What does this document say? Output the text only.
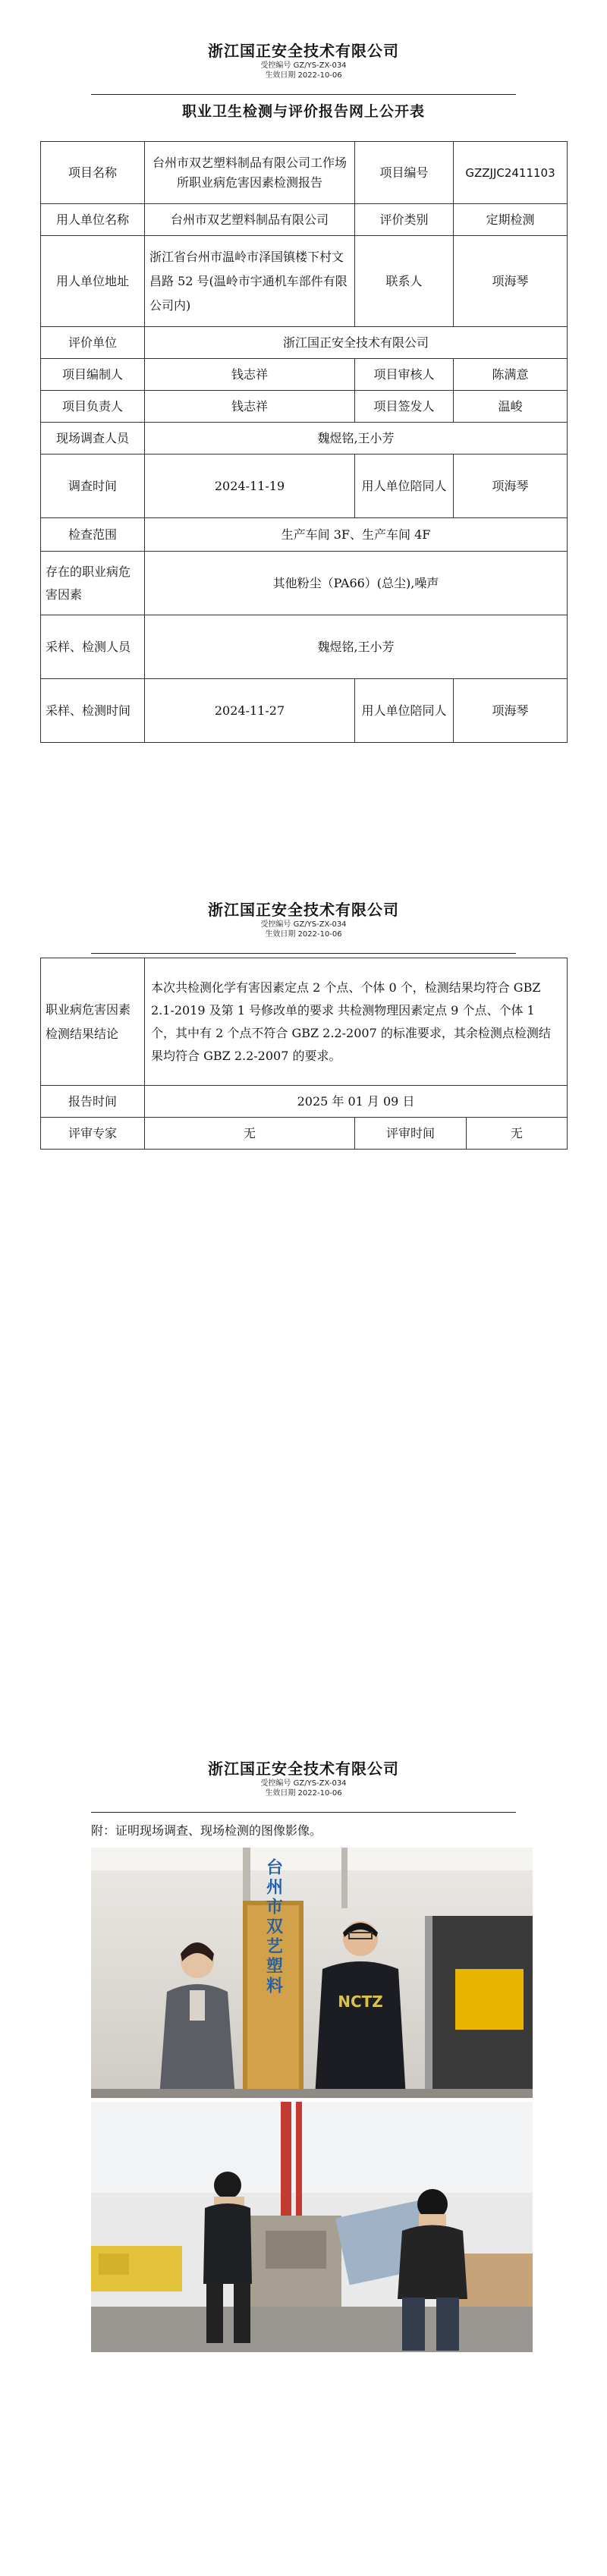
浙江国正安全技术有限公司
受控编号 GZ/YS-ZX-034
生效日期 2022-10-06
职业卫生检测与评价报告网上公开表
项目名称	台州市双艺塑料制品有限公司工作场所职业病危害因素检测报告	项目编号	GZZJJC2411103
用人单位名称	台州市双艺塑料制品有限公司	评价类别	定期检测
用人单位地址	浙江省台州市温岭市泽国镇楼下村文昌路 52 号(温岭市宇通机车部件有限公司内)	联系人	项海琴
评价单位	浙江国正安全技术有限公司		
项目编制人	钱志祥	项目审核人	陈满意
项目负责人	钱志祥	项目签发人	温峻
现场调查人员	魏煜铭,王小芳		
调查时间	2024-11-19	用人单位陪同人	项海琴
检查范围	生产车间 3F、生产车间 4F		
存在的职业病危害因素	其他粉尘（PA66）(总尘),噪声		
采样、检测人员	魏煜铭,王小芳		
采样、检测时间	2024-11-27	用人单位陪同人	项海琴
浙江国正安全技术有限公司
受控编号 GZ/YS-ZX-034
生效日期 2022-10-06
职业病危害因素检测结果结论	本次共检测化学有害因素定点 2 个点、个体 0 个，检测结果均符合 GBZ 2.1-2019 及第 1 号修改单的要求 共检测物理因素定点 9 个点、个体 1 个，其中有 2 个点不符合 GBZ 2.2-2007 的标准要求，其余检测点检测结果均符合 GBZ 2.2-2007 的要求。		
报告时间	2025 年 01 月 09 日		
评审专家	无	评审时间	无
浙江国正安全技术有限公司
受控编号 GZ/YS-ZX-034
生效日期 2022-10-06
附：证明现场调查、现场检测的图像影像。
台州市双艺塑料
NCTZ
